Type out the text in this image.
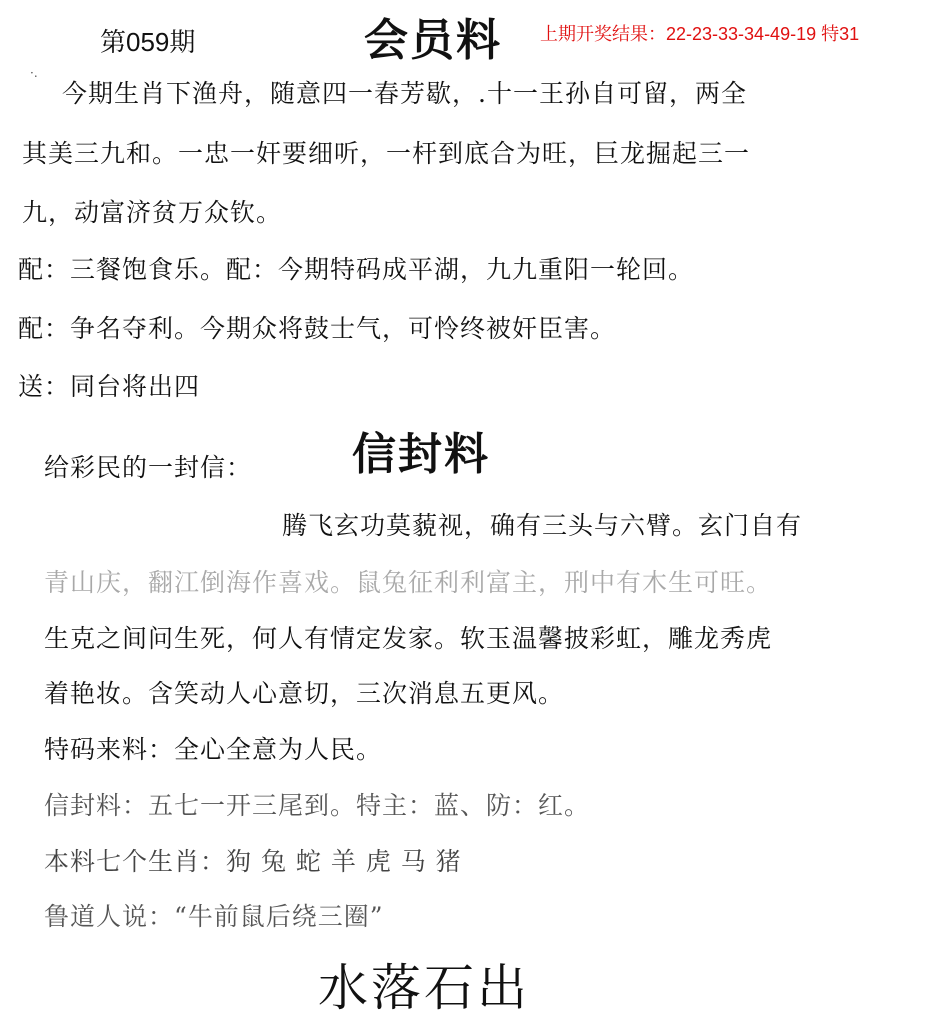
·.
第059期	会员料 上期开奖结果：22-23-33-34-49-19 特31
今期生肖下渔舟，随意四一春芳歇，.十一王孙自可留，两全
其美三九和。一忠一奸要细听，一杆到底合为旺，巨龙掘起三一
九，动富济贫万众钦。
配：三餐饱食乐。配：今期特码成平湖，九九重阳一轮回。
配：争名夺利。今期众将鼓士气，可怜终被奸臣害。
送：同台将出四
给彩民的一封信： 信封料
腾飞玄功莫藐视，确有三头与六臂。玄门自有
青山庆，翻江倒海作喜戏。鼠兔征利利富主，刑中有木生可旺。
生克之间问生死，何人有情定发家。软玉温馨披彩虹，雕龙秀虎
着艳妆。含笑动人心意切，三次消息五更风。
特码来料：全心全意为人民。
信封料：五七一开三尾到。特主：蓝、防：红。
本料七个生肖：狗 兔 蛇 羊 虎 马 猪
鲁道人说：“牛前鼠后绕三圈”
水落石出
